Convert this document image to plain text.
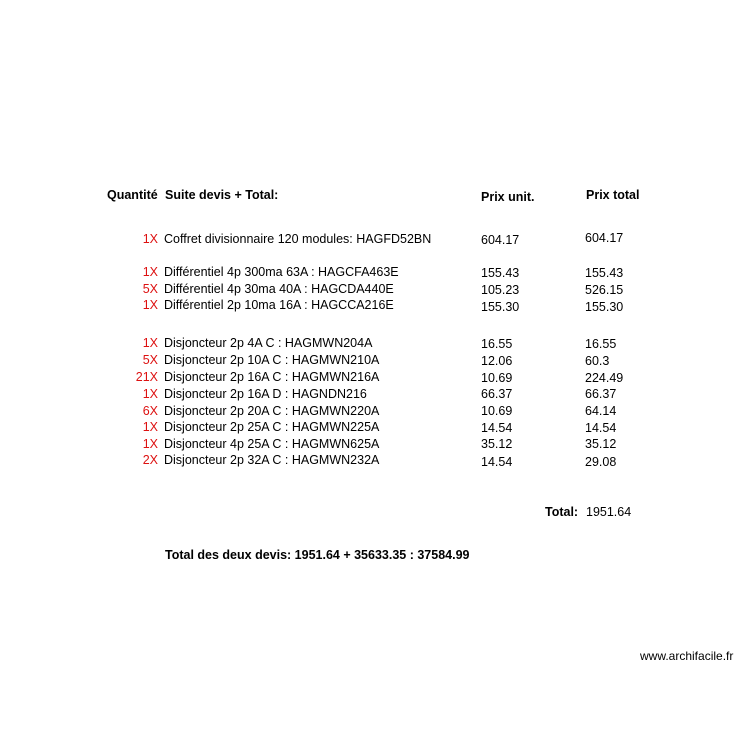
Quantité Suite devis + Total:	Prix unit.	Prix total
1X Coffret divisionnaire 120 modules: HAGFD52BN	604.17	604.17
1X Différentiel 4p 300ma 63A : HAGCFA463E	155.43	155.43
5X Différentiel 4p 30ma 40A : HAGCDA440E	105.23	526.15
1X Différentiel 2p 10ma 16A : HAGCCA216E	155.30	155.30
1X Disjoncteur 2p 4A C : HAGMWN204A	16.55	16.55
5X Disjoncteur 2p 10A C : HAGMWN210A	12.06	60.3
21X Disjoncteur 2p 16A C : HAGMWN216A	10.69	224.49
1X Disjoncteur 2p 16A D : HAGNDN216	66.37	66.37
6X Disjoncteur 2p 20A C : HAGMWN220A	10.69	64.14
1X Disjoncteur 2p 25A C : HAGMWN225A	14.54	14.54
1X Disjoncteur 4p 25A C : HAGMWN625A	35.12	35.12
2X Disjoncteur 2p 32A C : HAGMWN232A	14.54	29.08
Total: 1951.64
Total des deux devis: 1951.64 + 35633.35 : 37584.99
www.archifacile.fr
